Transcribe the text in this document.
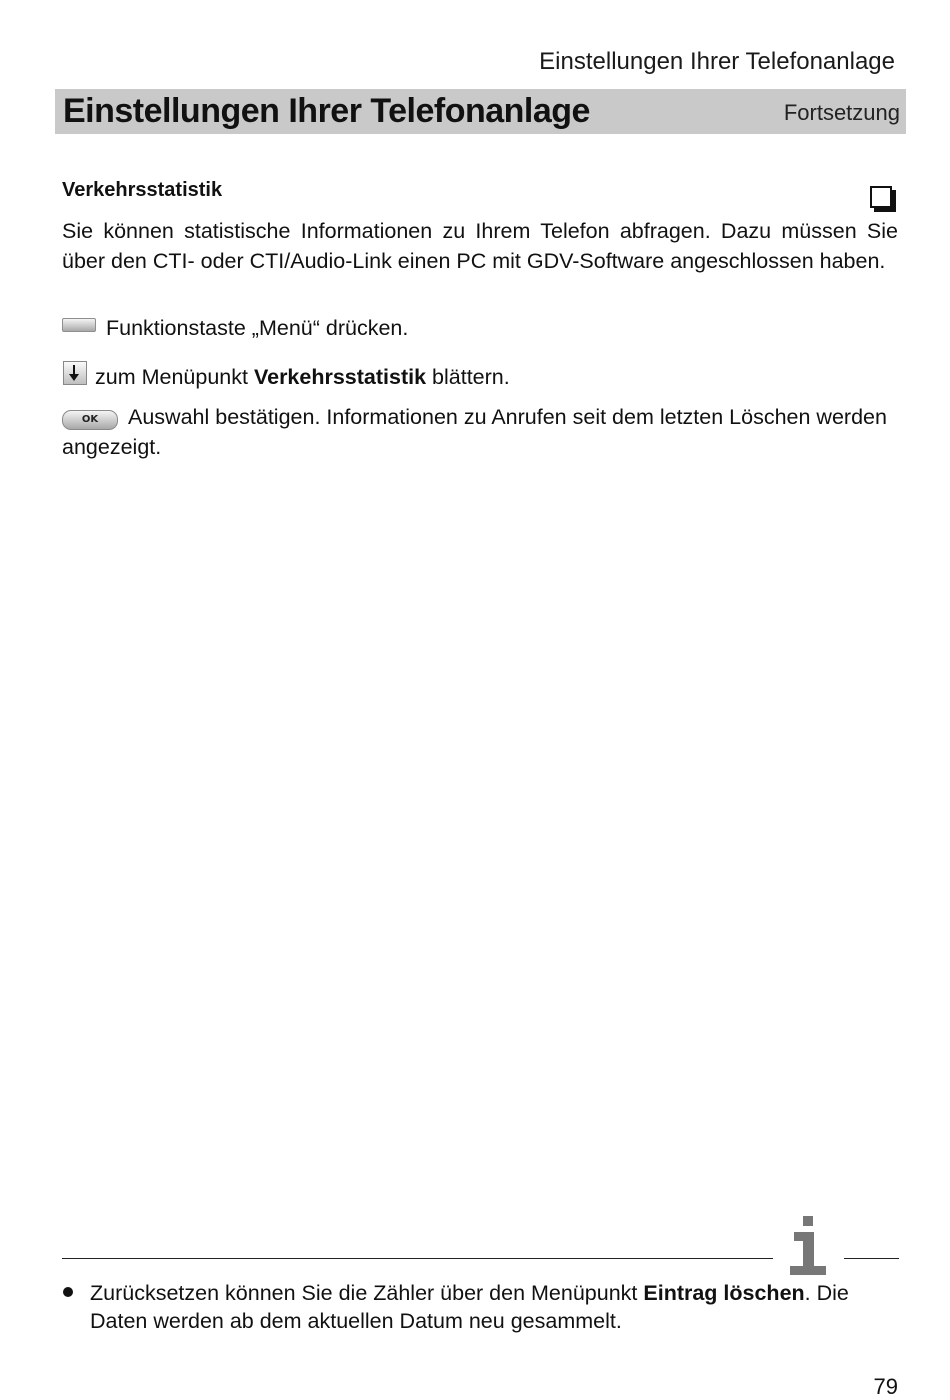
Einstellungen Ihrer Telefonanlage
Einstellungen Ihrer Telefonanlage	Fortsetzung
Verkehrsstatistik
Sie können statistische Informationen zu Ihrem Telefon abfragen. Dazu müssen Sie über den CTI- oder CTI/Audio-Link einen PC mit GDV-Software angeschlossen haben.
Funktionstaste „Menü“ drücken.
zum Menüpunkt Verkehrsstatistik blättern.
OK Auswahl bestätigen. Informationen zu Anrufen seit dem letzten Löschen werden angezeigt.
Zurücksetzen können Sie die Zähler über den Menüpunkt Eintrag löschen. Die Daten werden ab dem aktuellen Datum neu gesammelt.
79
